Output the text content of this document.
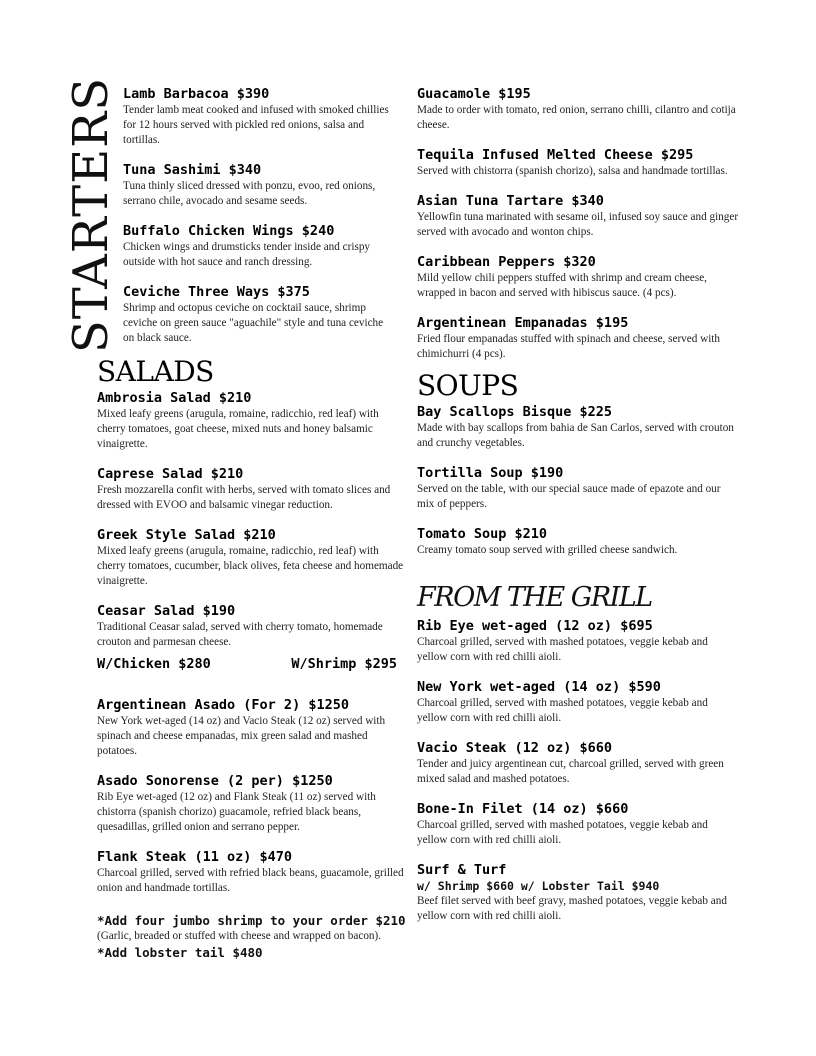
STARTERS Lamb Barbacoa $390
Tender lamb meat cooked and infused with smoked chillies for 12 hours served with pickled red onions, salsa and tortillas.
Tuna Sashimi $340
Tuna thinly sliced dressed with ponzu, evoo, red onions, serrano chile, avocado and sesame seeds.
Buffalo Chicken Wings $240
Chicken wings and drumsticks tender inside and crispy outside with hot sauce and ranch dressing.
Ceviche Three Ways $375
Shrimp and octopus ceviche on cocktail sauce, shrimp ceviche on green sauce "aguachile" style and tuna ceviche on black sauce.
SALADS
Ambrosia Salad $210
Mixed leafy greens (arugula, romaine, radicchio, red leaf) with cherry tomatoes, goat cheese, mixed nuts and honey balsamic vinaigrette.
Caprese Salad $210
Fresh mozzarella confit with herbs, served with tomato slices and dressed with EVOO and balsamic vinegar reduction.
Greek Style Salad $210
Mixed leafy greens (arugula, romaine, radicchio, red leaf) with cherry tomatoes, cucumber, black olives, feta cheese and homemade vinaigrette.
Ceasar Salad $190
Traditional Ceasar salad, served with cherry tomato, homemade crouton and parmesan cheese.
W/Chicken $280	W/Shrimp $295
Argentinean Asado (For 2) $1250
New York wet-aged (14 oz) and Vacio Steak (12 oz) served with spinach and cheese empanadas, mix green salad and mashed potatoes.
Asado Sonorense (2 per) $1250
Rib Eye wet-aged (12 oz) and Flank Steak (11 oz) served with chistorra (spanish chorizo) guacamole, refried black beans, quesadillas, grilled onion and serrano pepper.
Flank Steak (11 oz) $470
Charcoal grilled, served with refried black beans, guacamole, grilled onion and handmade tortillas.
*Add four jumbo shrimp to your order $210
(Garlic, breaded or stuffed with cheese and wrapped on bacon).
*Add lobster tail $480
Guacamole $195
Made to order with tomato, red onion, serrano chilli, cilantro and cotija cheese.
Tequila Infused Melted Cheese $295
Served with chistorra (spanish chorizo), salsa and handmade tortillas.
Asian Tuna Tartare $340
Yellowfin tuna marinated with sesame oil, infused soy sauce and ginger served with avocado and wonton chips.
Caribbean Peppers $320
Mild yellow chili peppers stuffed with shrimp and cream cheese, wrapped in bacon and served with hibiscus sauce. (4 pcs).
Argentinean Empanadas $195
Fried flour empanadas stuffed with spinach and cheese, served with chimichurri (4 pcs).
SOUPS
Bay Scallops Bisque $225
Made with bay scallops from bahia de San Carlos, served with crouton and crunchy vegetables.
Tortilla Soup $190
Served on the table, with our special sauce made of epazote and our mix of peppers.
Tomato Soup $210
Creamy tomato soup served with grilled cheese sandwich.
FROM THE GRILL
Rib Eye wet-aged (12 oz) $695
Charcoal grilled, served with mashed potatoes, veggie kebab and yellow corn with red chilli aioli.
New York wet-aged (14 oz) $590
Charcoal grilled, served with mashed potatoes, veggie kebab and yellow corn with red chilli aioli.
Vacio Steak (12 oz) $660
Tender and juicy argentinean cut, charcoal grilled, served with green mixed salad and mashed potatoes.
Bone-In Filet (14 oz) $660
Charcoal grilled, served with mashed potatoes, veggie kebab and yellow corn with red chilli aioli.
Surf & Turf
w/ Shrimp $660 w/ Lobster Tail $940
Beef filet served with beef gravy, mashed potatoes, veggie kebab and yellow corn with red chilli aioli.
